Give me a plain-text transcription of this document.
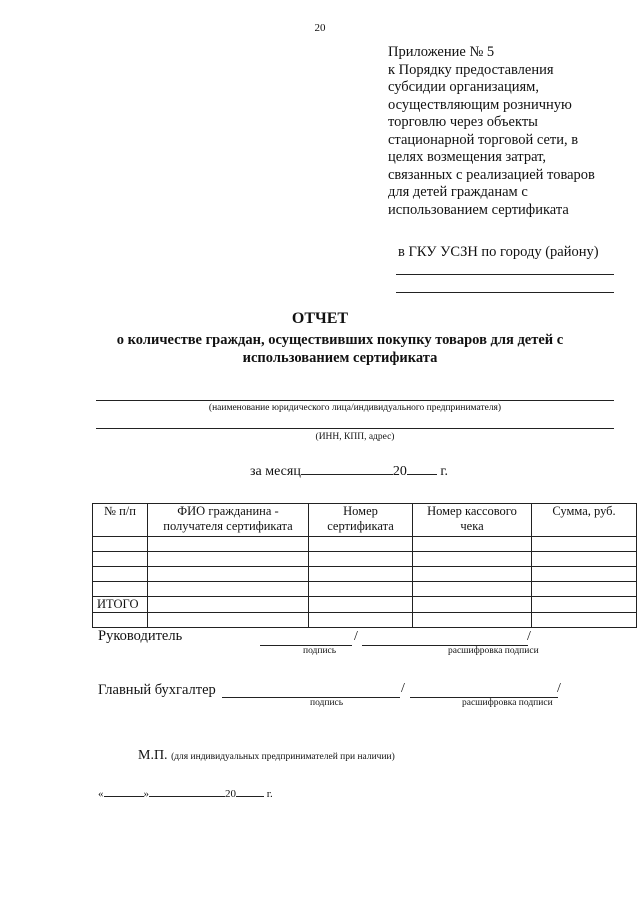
20
Приложение № 5
к Порядку предоставления
субсидии организациям,
осуществляющим розничную
торговлю через объекты
стационарной торговой сети, в
целях возмещения затрат,
связанных с реализацией товаров
для детей гражданам с
использованием сертификата
в ГКУ УСЗН по городу (району)
ОТЧЕТ
о количестве граждан, осуществивших покупку товаров для детей с
использованием сертификата
(наименование юридического лица/индивидуального предпринимателя)
(ИНН, КПП, адрес)
за месяц	20 г.
№ п/п	ФИО гражданина - получателя сертификата	Номер сертификата	Номер кассового чека	Сумма, руб.

ИТОГО				

Руководитель	/	/
подпись	расшифровка подписи
Главный бухгалтер	/	/
подпись	расшифровка подписи
М.П. (для индивидуальных предпринимателей при наличии)
«	»	20	г.
